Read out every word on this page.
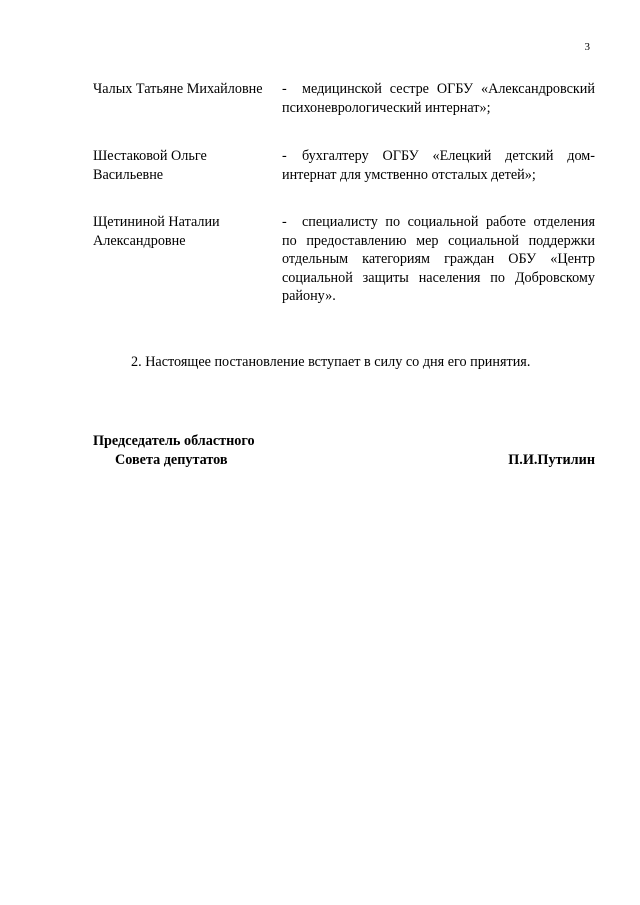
3
Чалых Татьяне Михайловне	- медицинской сестре ОГБУ «Александровский психоневрологический интернат»;
Шестаковой Ольге Васильевне
- бухгалтеру ОГБУ «Елецкий детский дом-интернат для умственно отсталых детей»;
Щетининой Наталии Александровне
- специалисту по социальной работе отделения по предоставлению мер социальной поддержки отдельным категориям граждан ОБУ «Центр социальной защиты населения по Добровскому району».
2. Настоящее постановление вступает в силу со дня его принятия.
Председатель областного
Совета депутатов	П.И.Путилин
